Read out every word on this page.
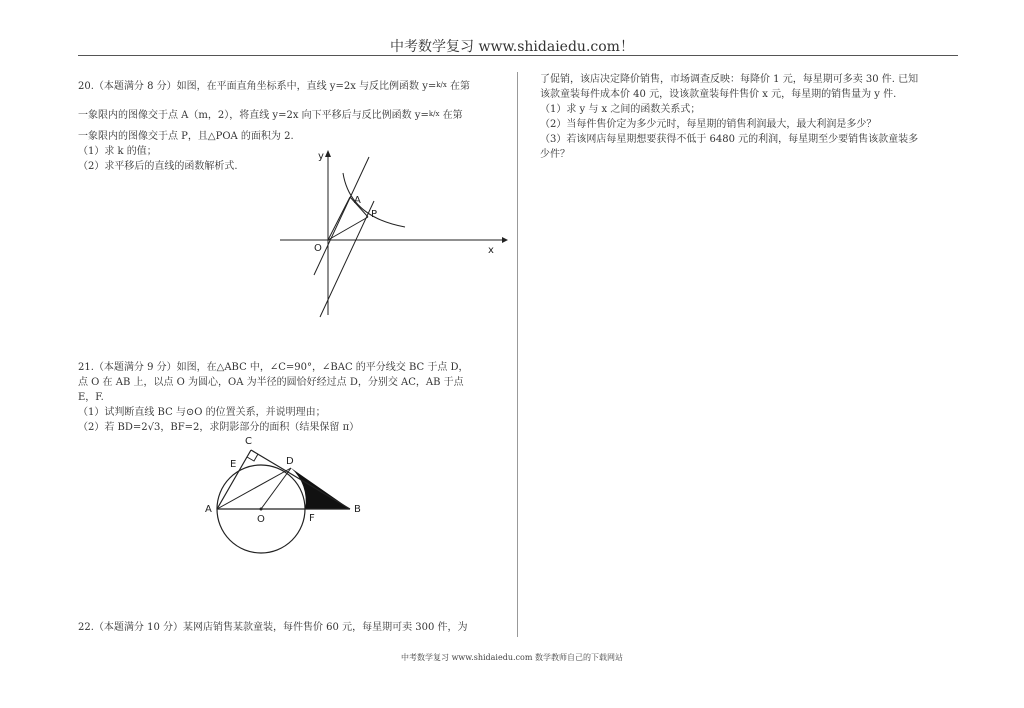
中考数学复习 www.shidaiedu.com！

20.（本题满分 8 分）如图，在平面直角坐标系中，直线 y=2x 与反比例函数 y=$^{k/x}$ 在第

一象限内的图像交于点 A（m，2），将直线 y=2x 向下平移后与反比例函数 y=$^{k/x}$ 在第

一象限内的图像交于点 P，且△POA 的面积为 2.

（1）求 k 的值；

（2）求平移后的直线的函数解析式.

y
x
O
A
P

21.（本题满分 9 分）如图，在△ABC 中，∠C=90°，∠BAC 的平分线交 BC 于点 D，

点 O 在 AB 上，以点 O 为圆心，OA 为半径的圆恰好经过点 D，分别交 AC，AB 于点

E，F.

（1）试判断直线 BC 与⊙O 的位置关系，并说明理由；

（2）若 BD=2√3，BF=2，求阴影部分的面积（结果保留 π）

C
E	D
A
O	F
B

22.（本题满分 10 分）某网店销售某款童装，每件售价 60 元，每星期可卖 300 件，为

了促销，该店决定降价销售，市场调查反映：每降价 1 元，每星期可多卖 30 件. 已知

该款童装每件成本价 40 元，设该款童装每件售价 x 元，每星期的销售量为 y 件.

（1）求 y 与 x 之间的函数关系式；

（2）当每件售价定为多少元时，每星期的销售利润最大，最大利润是多少？

（3）若该网店每星期想要获得不低于 6480 元的利润，每星期至少要销售该款童装多

少件？

中考数学复习 www.shidaiedu.com 数学教师自己的下载网站
